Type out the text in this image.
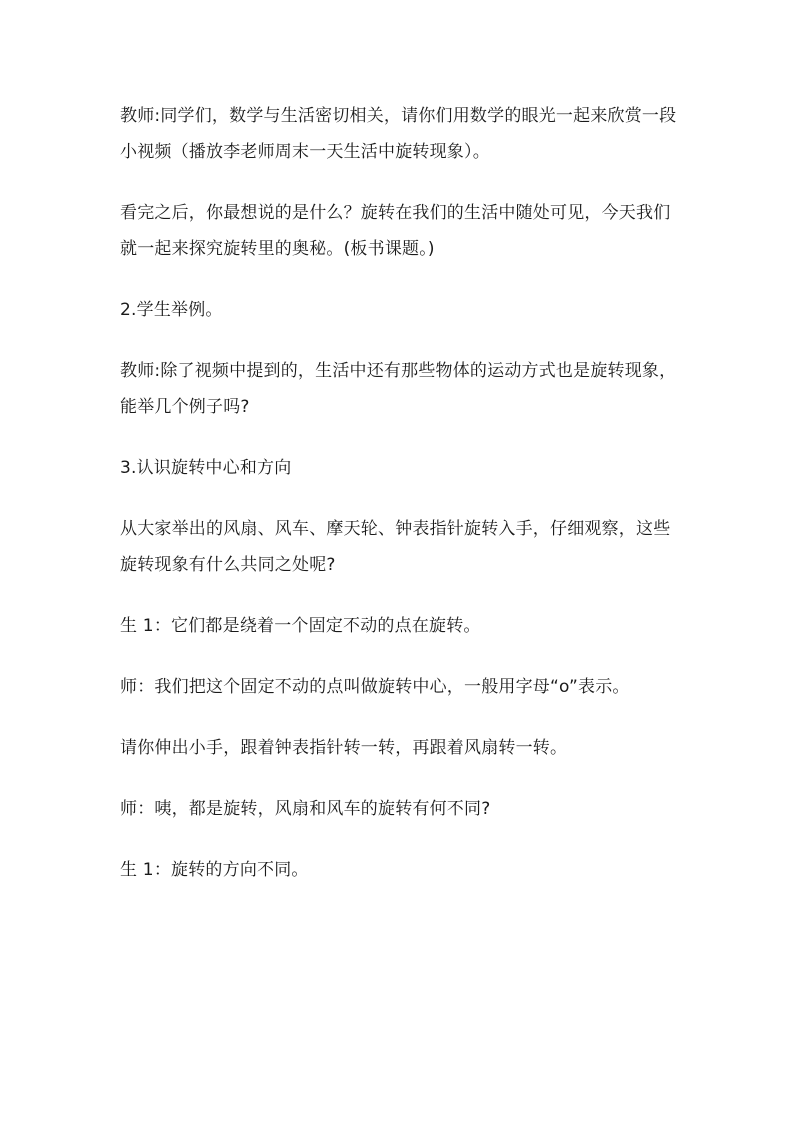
教师:同学们，数学与生活密切相关，请你们用数学的眼光一起来欣赏一段小视频（播放李老师周末一天生活中旋转现象）。

看完之后，你最想说的是什么？旋转在我们的生活中随处可见，今天我们就一起来探究旋转里的奥秘。(板书课题。)

2.学生举例。

教师:除了视频中提到的，生活中还有那些物体的运动方式也是旋转现象，能举几个例子吗?

3.认识旋转中心和方向

从大家举出的风扇、风车、摩天轮、钟表指针旋转入手，仔细观察，这些旋转现象有什么共同之处呢?

生 1：它们都是绕着一个固定不动的点在旋转。

师：我们把这个固定不动的点叫做旋转中心，一般用字母“o”表示。

请你伸出小手，跟着钟表指针转一转，再跟着风扇转一转。

师：咦，都是旋转，风扇和风车的旋转有何不同?

生 1：旋转的方向不同。
